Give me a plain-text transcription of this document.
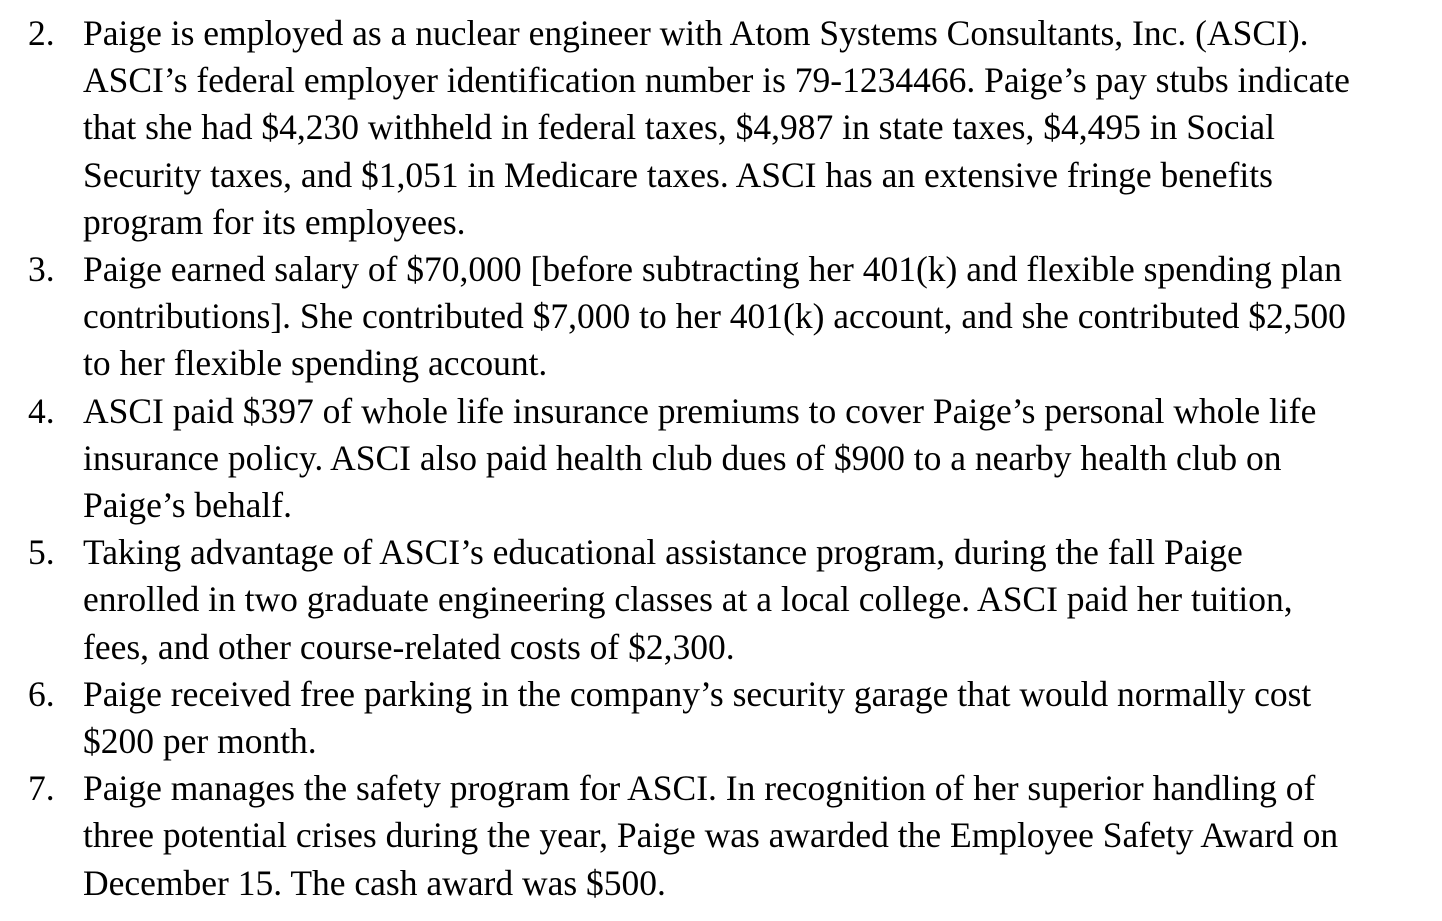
2. Paige is employed as a nuclear engineer with Atom Systems Consultants, Inc. (ASCI).
ASCI’s federal employer identification number is 79-1234466. Paige’s pay stubs indicate
that she had $4,230 withheld in federal taxes, $4,987 in state taxes, $4,495 in Social
Security taxes, and $1,051 in Medicare taxes. ASCI has an extensive fringe benefits
program for its employees.
3. Paige earned salary of $70,000 [before subtracting her 401(k) and flexible spending plan
contributions]. She contributed $7,000 to her 401(k) account, and she contributed $2,500
to her flexible spending account.
4. ASCI paid $397 of whole life insurance premiums to cover Paige’s personal whole life
insurance policy. ASCI also paid health club dues of $900 to a nearby health club on
Paige’s behalf.
5. Taking advantage of ASCI’s educational assistance program, during the fall Paige
enrolled in two graduate engineering classes at a local college. ASCI paid her tuition,
fees, and other course-related costs of $2,300.
6. Paige received free parking in the company’s security garage that would normally cost
$200 per month.
7. Paige manages the safety program for ASCI. In recognition of her superior handling of
three potential crises during the year, Paige was awarded the Employee Safety Award on
December 15. The cash award was $500.
